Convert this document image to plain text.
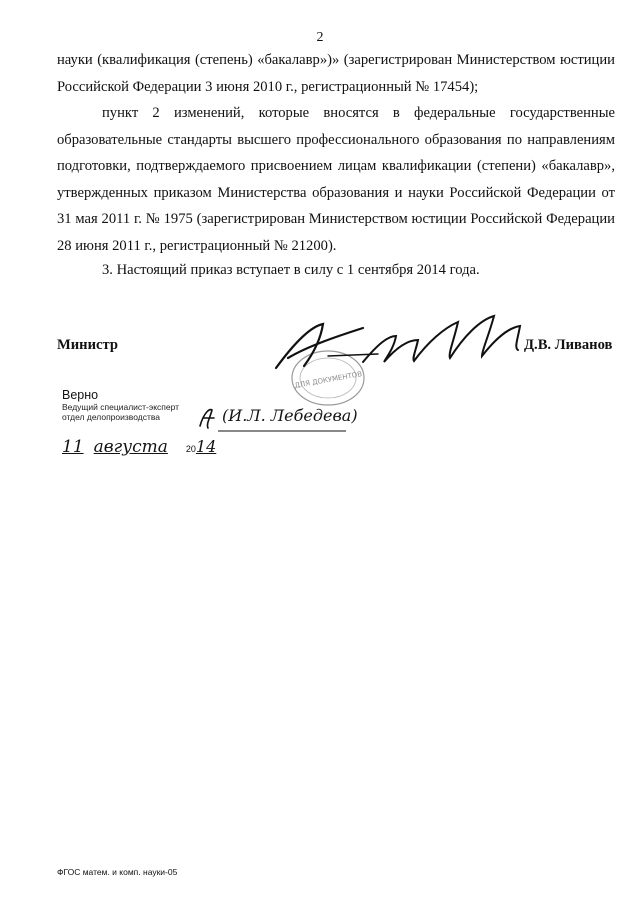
2

науки (квалификация (степень) «бакалавр»)» (зарегистрирован Министерством юстиции Российской Федерации 3 июня 2010 г., регистрационный № 17454);

пункт 2 изменений, которые вносятся в федеральные государственные образовательные стандарты высшего профессионального образования по направлениям подготовки, подтверждаемого присвоением лицам квалификации (степени) «бакалавр», утвержденных приказом Министерства образования и науки Российской Федерации от 31 мая 2011 г. № 1975 (зарегистрирован Министерством юстиции Российской Федерации 28 июня 2011 г., регистрационный № 21200).

3. Настоящий приказ вступает в силу с 1 сентября 2014 года.

ДЛЯ ДОКУМЕНТОВ
Министр	Д.В. Ливанов
Верно
Ведущий специалист-эксперт
отдел делопроизводства	(И.Л. Лебедева)
11 августа 2014
ФГОС матем. и комп. науки-05
